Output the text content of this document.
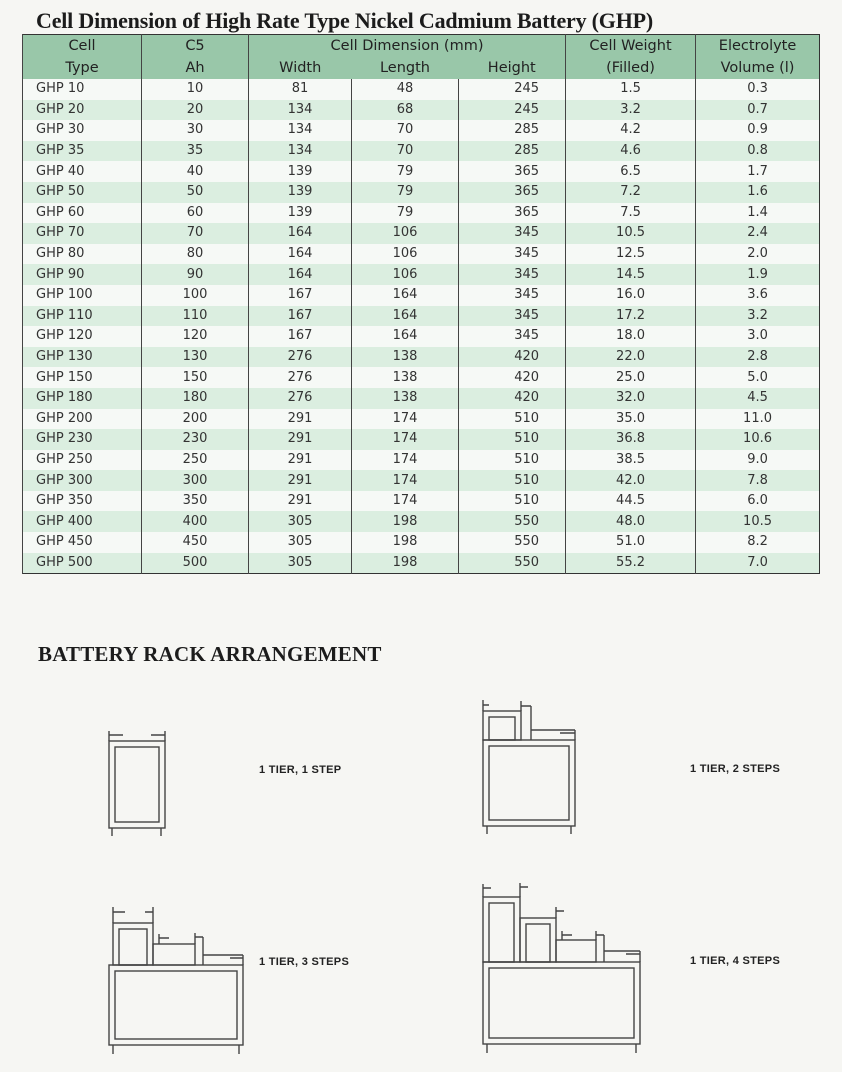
Cell Dimension of High Rate Type Nickel Cadmium Battery (GHP)
Cell	C5	Cell Dimension (mm)			Cell Weight	Electrolyte
Type	Ah	Width	Length	Height	(Filled)	Volume (l)
GHP 10	10	81	48	245	1.5	0.3
GHP 20	20	134	68	245	3.2	0.7
GHP 30	30	134	70	285	4.2	0.9
GHP 35	35	134	70	285	4.6	0.8
GHP 40	40	139	79	365	6.5	1.7
GHP 50	50	139	79	365	7.2	1.6
GHP 60	60	139	79	365	7.5	1.4
GHP 70	70	164	106	345	10.5	2.4
GHP 80	80	164	106	345	12.5	2.0
GHP 90	90	164	106	345	14.5	1.9
GHP 100	100	167	164	345	16.0	3.6
GHP 110	110	167	164	345	17.2	3.2
GHP 120	120	167	164	345	18.0	3.0
GHP 130	130	276	138	420	22.0	2.8
GHP 150	150	276	138	420	25.0	5.0
GHP 180	180	276	138	420	32.0	4.5
GHP 200	200	291	174	510	35.0	11.0
GHP 230	230	291	174	510	36.8	10.6
GHP 250	250	291	174	510	38.5	9.0
GHP 300	300	291	174	510	42.0	7.8
GHP 350	350	291	174	510	44.5	6.0
GHP 400	400	305	198	550	48.0	10.5
GHP 450	450	305	198	550	51.0	8.2
GHP 500	500	305	198	550	55.2	7.0
BATTERY RACK ARRANGEMENT
1 TIER, 1 STEP	1 TIER, 2 STEPS
1 TIER, 3 STEPS	1 TIER, 4 STEPS
